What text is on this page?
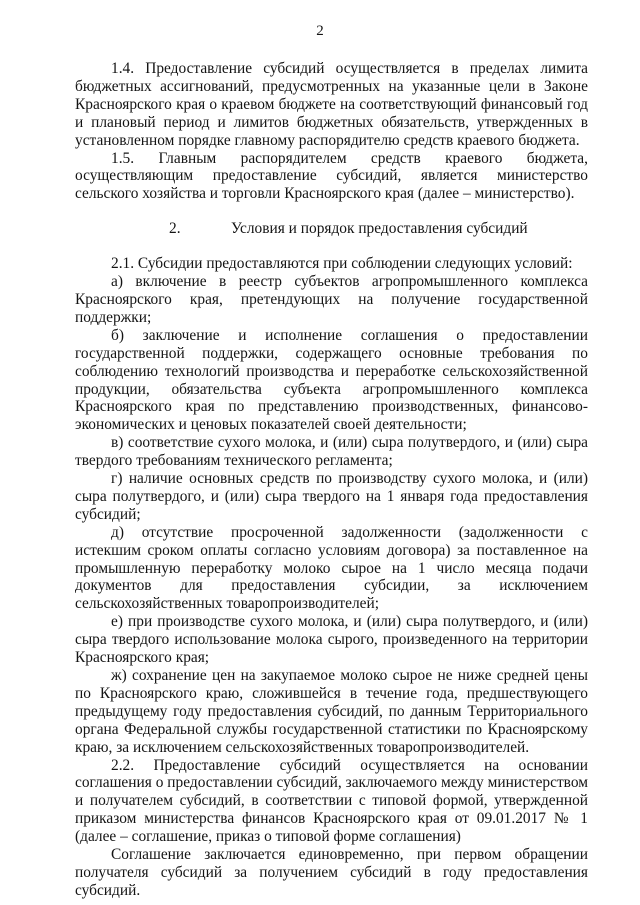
2

1.4. Предоставление субсидий осуществляется в пределах лимита бюджетных ассигнований, предусмотренных на указанные цели в Законе Красноярского края о краевом бюджете на соответствующий финансовый год и плановый период и лимитов бюджетных обязательств, утвержденных в установленном порядке главному распорядителю средств краевого бюджета.

1.5. Главным распорядителем средств краевого бюджета, осуществляющим предоставление субсидий, является министерство сельского хозяйства и торговли Красноярского края (далее – министерство).

2.	Условия и порядок предоставления субсидий

2.1. Субсидии предоставляются при соблюдении следующих условий:

а) включение в реестр субъектов агропромышленного комплекса Красноярского края, претендующих на получение государственной поддержки;

б) заключение и исполнение соглашения о предоставлении государственной поддержки, содержащего основные требования по соблюдению технологий производства и переработке сельскохозяйственной продукции, обязательства субъекта агропромышленного комплекса Красноярского края по представлению производственных, финансово-экономических и ценовых показателей своей деятельности;

в) соответствие сухого молока, и (или) сыра полутвердого, и (или) сыра твердого требованиям технического регламента;

г) наличие основных средств по производству сухого молока, и (или) сыра полутвердого, и (или) сыра твердого на 1 января года предоставления субсидий;

д) отсутствие просроченной задолженности (задолженности с истекшим сроком оплаты согласно условиям договора) за поставленное на промышленную переработку молоко сырое на 1 число месяца подачи документов для предоставления субсидии, за исключением сельскохозяйственных товаропроизводителей;

е) при производстве сухого молока, и (или) сыра полутвердого, и (или) сыра твердого использование молока сырого, произведенного на территории Красноярского края;

ж) сохранение цен на закупаемое молоко сырое не ниже средней цены по Красноярского краю, сложившейся в течение года, предшествующего предыдущему году предоставления субсидий, по данным Территориального органа Федеральной службы государственной статистики по Красноярскому краю, за исключением сельскохозяйственных товаропроизводителей.

2.2. Предоставление субсидий осуществляется на основании соглашения о предоставлении субсидий, заключаемого между министерством и получателем субсидий, в соответствии с типовой формой, утвержденной приказом министерства финансов Красноярского края от 09.01.2017 № 1 (далее – соглашение, приказ о типовой форме соглашения)

Соглашение заключается единовременно, при первом обращении получателя субсидий за получением субсидий в году предоставления субсидий.
